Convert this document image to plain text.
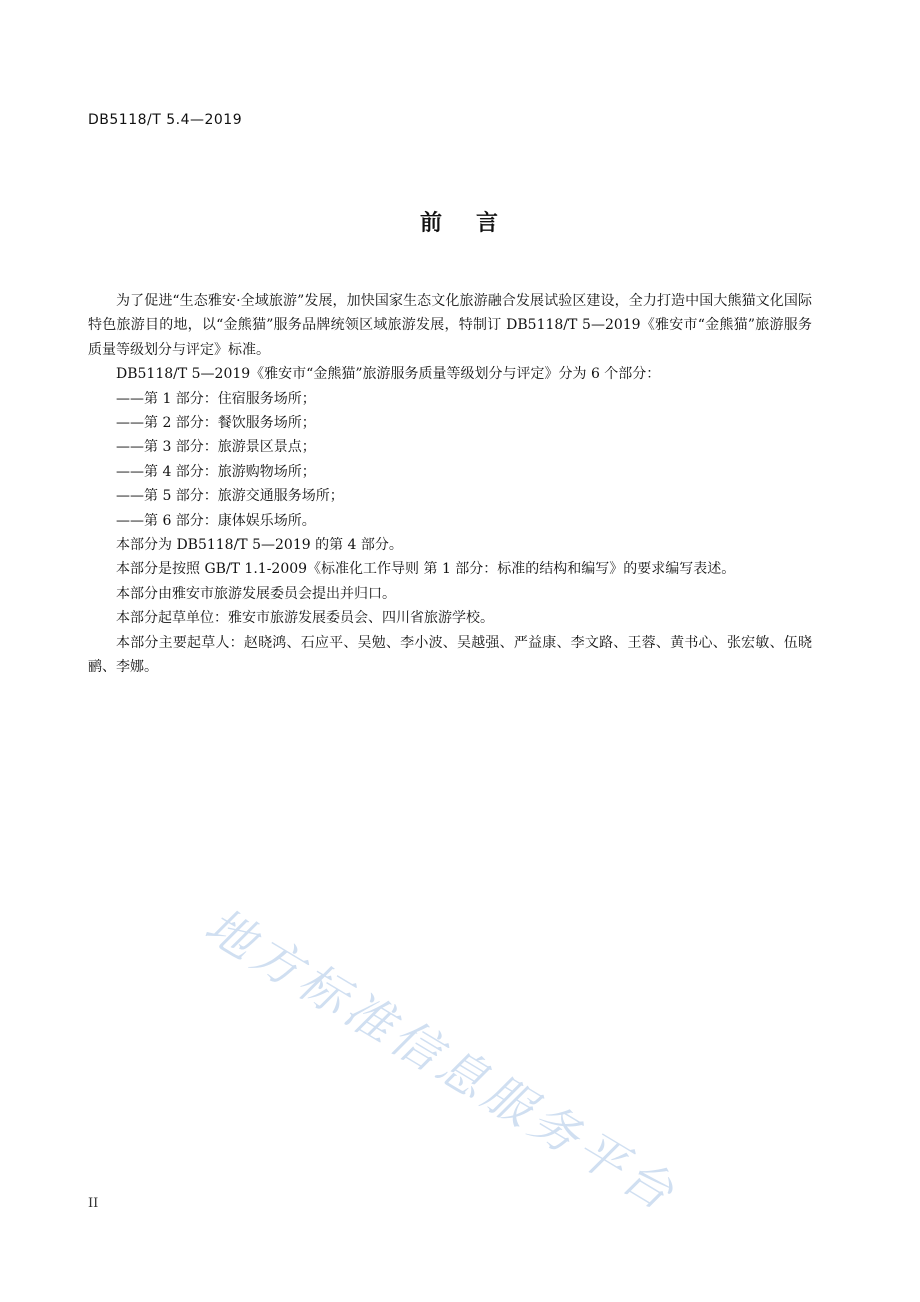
DB5118/T 5.4—2019
前 言

为了促进“生态雅安·全域旅游”发展，加快国家生态文化旅游融合发展试验区建设，全力打造中国大熊猫文化国际特色旅游目的地，以“金熊猫”服务品牌统领区域旅游发展，特制订 DB5118/T 5—2019《雅安市“金熊猫”旅游服务质量等级划分与评定》标准。

DB5118/T 5—2019《雅安市“金熊猫”旅游服务质量等级划分与评定》分为 6 个部分：

——第 1 部分：住宿服务场所；

——第 2 部分：餐饮服务场所；

——第 3 部分：旅游景区景点；

——第 4 部分：旅游购物场所；

——第 5 部分：旅游交通服务场所；

——第 6 部分：康体娱乐场所。

本部分为 DB5118/T 5—2019 的第 4 部分。

本部分是按照 GB/T 1.1-2009《标准化工作导则 第 1 部分：标准的结构和编写》的要求编写表述。

本部分由雅安市旅游发展委员会提出并归口。

本部分起草单位：雅安市旅游发展委员会、四川省旅游学校。

本部分主要起草人：赵晓鸿、石应平、吴勉、李小波、吴越强、严益康、李文路、王蓉、黄书心、张宏敏、伍晓鹂、李娜。

地方标准信息服务平台
II
